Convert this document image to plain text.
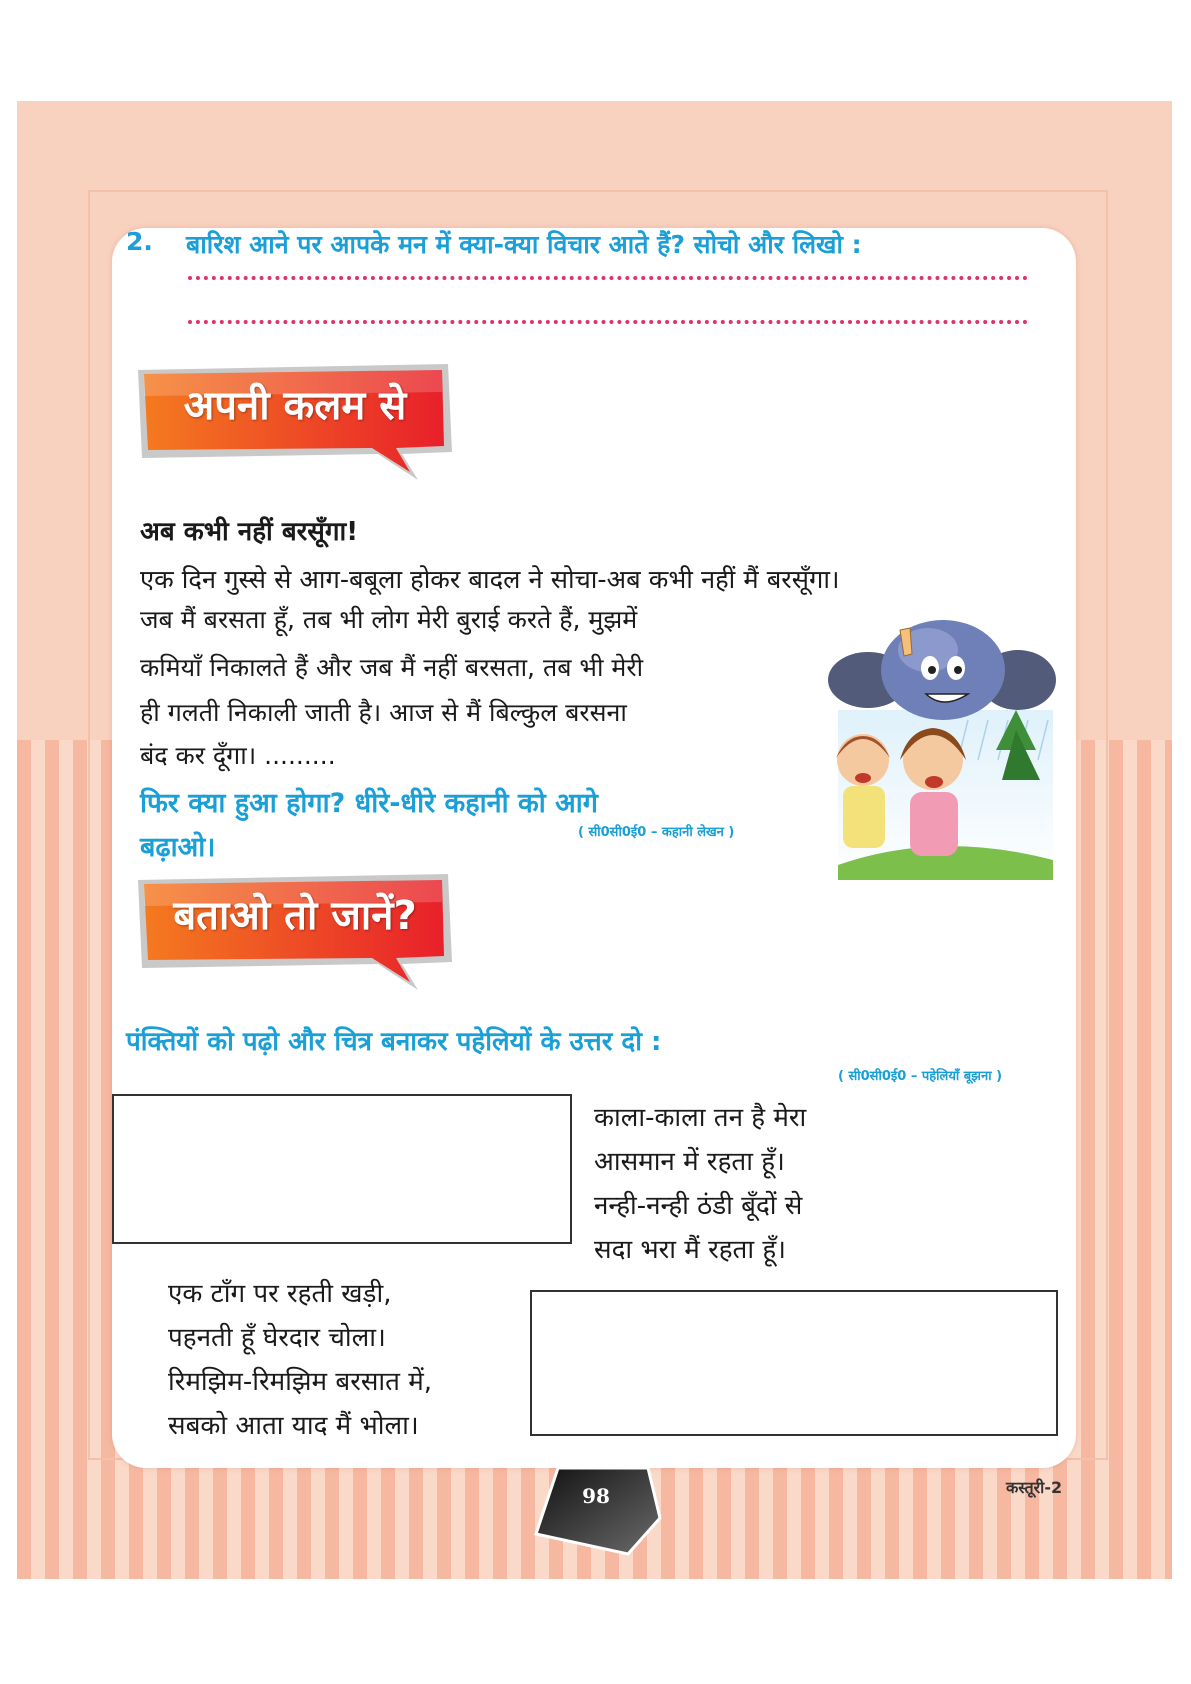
2. बारिश आने पर आपके मन में क्या-क्या विचार आते हैं? सोचो और लिखो :
अपनी कलम से
अब कभी नहीं बरसूँगा!
एक दिन गुस्से से आग-बबूला होकर बादल ने सोचा-अब कभी नहीं मैं बरसूँगा।
जब मैं बरसता हूँ, तब भी लोग मेरी बुराई करते हैं, मुझमें
कमियाँ निकालते हैं और जब मैं नहीं बरसता, तब भी मेरी
ही गलती निकाली जाती है। आज से मैं बिल्कुल बरसना
बंद कर दूँगा। .........
फिर क्या हुआ होगा? धीरे-धीरे कहानी को आगे
बढ़ाओ।	( सी0सी0ई0 – कहानी लेखन )
बताओ तो जानें?
पंक्तियों को पढ़ो और चित्र बनाकर पहेलियों के उत्तर दो :
( सी0सी0ई0 – पहेलियाँ बूझना )
काला-काला तन है मेरा
आसमान में रहता हूँ।
नन्ही-नन्ही ठंडी बूँदों से
सदा भरा मैं रहता हूँ।
एक टाँग पर रहती खड़ी,
पहनती हूँ घेरदार चोला।
रिमझिम-रिमझिम बरसात में,
सबको आता याद मैं भोला।
98	कस्तूरी-2
